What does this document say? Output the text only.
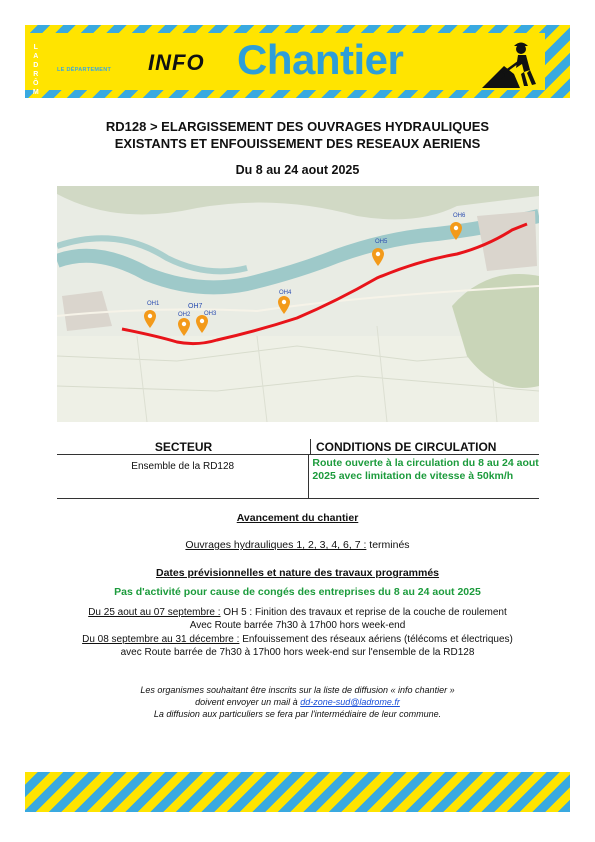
L
A
D
R
Ô
M
E
LE DÉPARTEMENT INFO Chantier
RD128 > ELARGISSEMENT DES OUVRAGES HYDRAULIQUES
EXISTANTS ET ENFOUISSEMENT DES RESEAUX AERIENS
Du 8 au 24 aout 2025
OH1
OH2 OH3
OH7
OH4
OH5
OH6
SECTEUR	CONDITIONS DE CIRCULATION
Ensemble de la RD128	Route ouverte à la circulation du 8 au 24 aout 2025 avec limitation de vitesse à 50km/h
Avancement du chantier
Ouvrages hydrauliques 1, 2, 3, 4, 6, 7 : terminés
Dates prévisionnelles et nature des travaux programmés
Pas d'activité pour cause de congés des entreprises du 8 au 24 aout 2025
Du 25 aout au 07 septembre : OH 5 : Finition des travaux et reprise de la couche de roulement
Avec Route barrée 7h30 à 17h00 hors week-end
Du 08 septembre au 31 décembre : Enfouissement des réseaux aériens (télécoms et électriques)
avec Route barrée de 7h30 à 17h00 hors week-end sur l'ensemble de la RD128
Les organismes souhaitant être inscrits sur la liste de diffusion « info chantier »
doivent envoyer un mail à dd-zone-sud@ladrome.fr
La diffusion aux particuliers se fera par l'intermédiaire de leur commune.
